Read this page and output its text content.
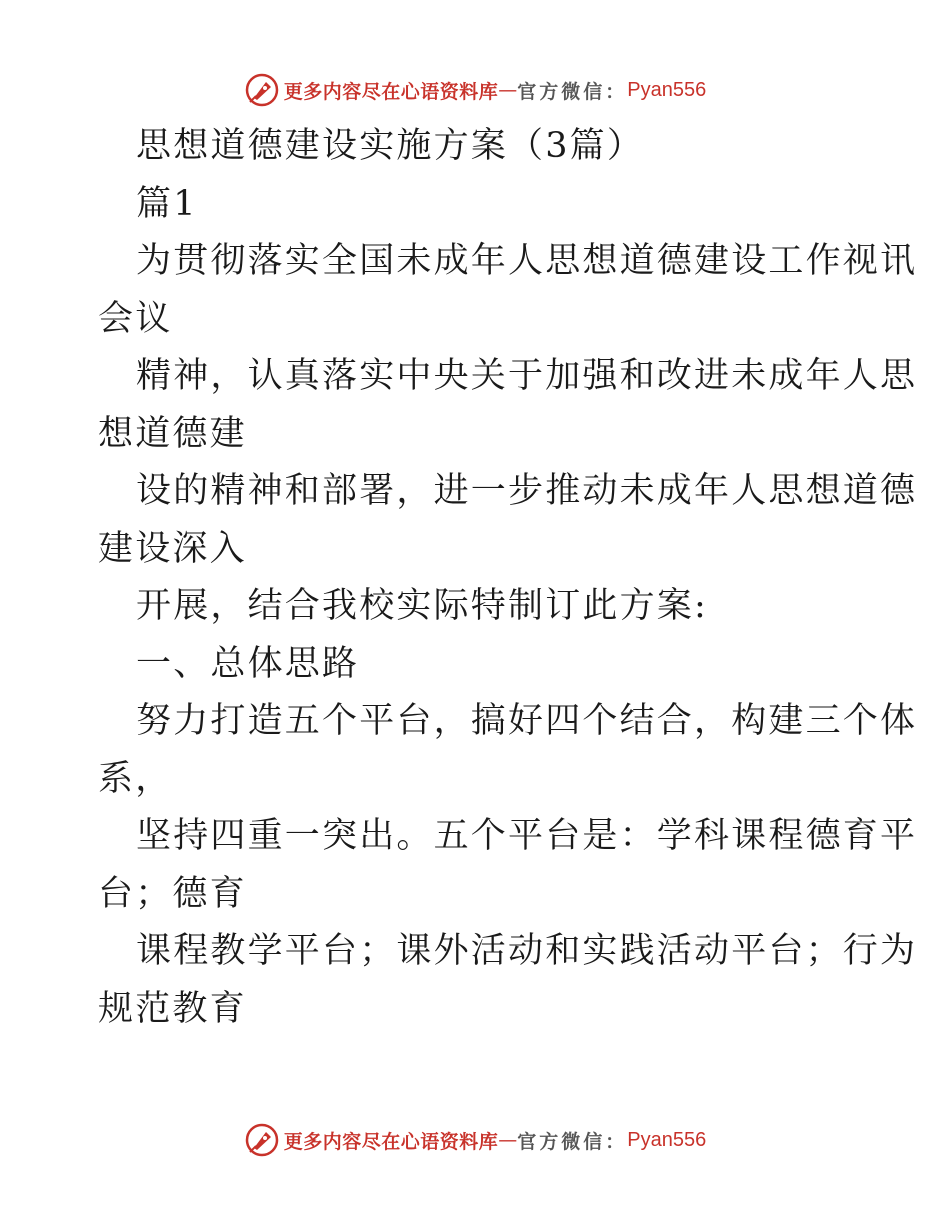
更多内容尽在心语资料库 — 官方微信： Pyan556
思想道德建设实施方案（3篇）
篇1
为贯彻落实全国未成年人思想道德建设工作视讯
会议
精神，认真落实中央关于加强和改进未成年人思
想道德建
设的精神和部署，进一步推动未成年人思想道德
建设深入
开展，结合我校实际特制订此方案:
一、总体思路
努力打造五个平台，搞好四个结合，构建三个体
系，
坚持四重一突出。五个平台是：学科课程德育平
台；德育
课程教学平台；课外活动和实践活动平台；行为
规范教育
更多内容尽在心语资料库 — 官方微信： Pyan556
